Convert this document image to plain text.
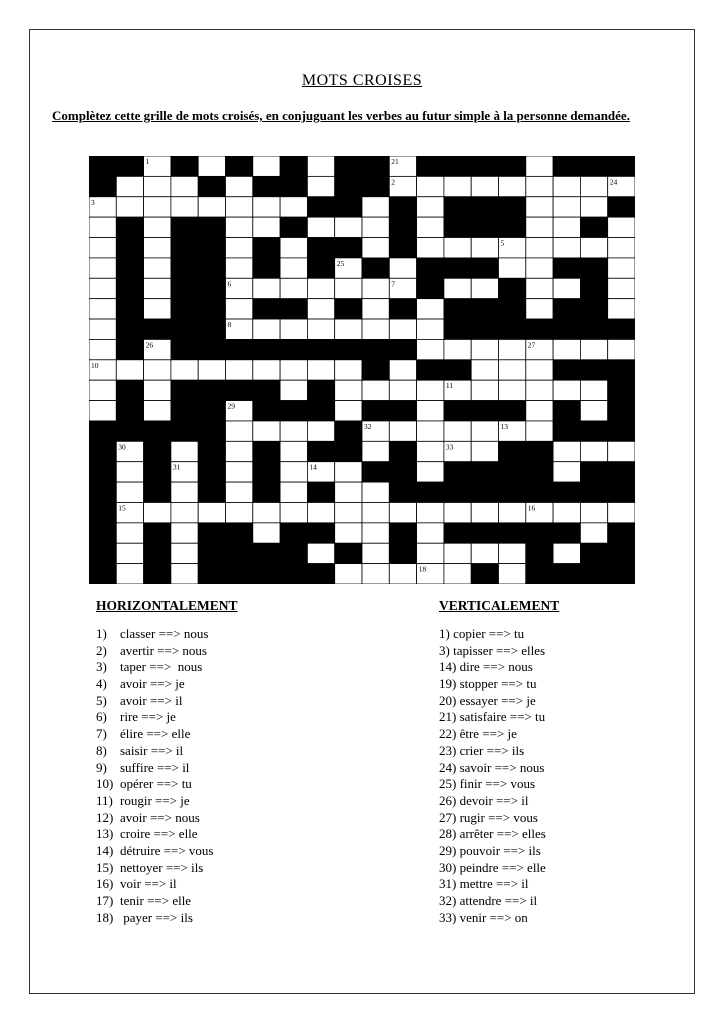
MOTS CROISES
Complètez cette grille de mots croisés, en conjuguant les verbes au futur simple à la personne demandée.
1	19	20	21	22	23
2	24
3
4
5
25
6	7
8
26	9	27
10
11	28
29
12	32	13
30	33
31	14
15	16
17
18
HORIZONTALEMENT
1) classer ==> nous
2) avertir ==> nous
3) taper ==>  nous
4) avoir ==> je
5) avoir ==> il
6) rire ==> je
7) élire ==> elle
8) saisir ==> il
9) suffire ==> il
10) opérer ==> tu
11) rougir ==> je
12) avoir ==> nous
13) croire ==> elle
14) détruire ==> vous
15) nettoyer ==> ils
16) voir ==> il
17) tenir ==> elle
18) payer ==> ils
VERTICALEMENT
1) copier ==> tu
3) tapisser ==> elles
14) dire ==> nous
19) stopper ==> tu
20) essayer ==> je
21) satisfaire ==> tu
22) être ==> je
23) crier ==> ils
24) savoir ==> nous
25) finir ==> vous
26) devoir ==> il
27) rugir ==> vous
28) arrêter ==> elles
29) pouvoir ==> ils
30) peindre ==> elle
31) mettre ==> il
32) attendre ==> il
33) venir ==> on
